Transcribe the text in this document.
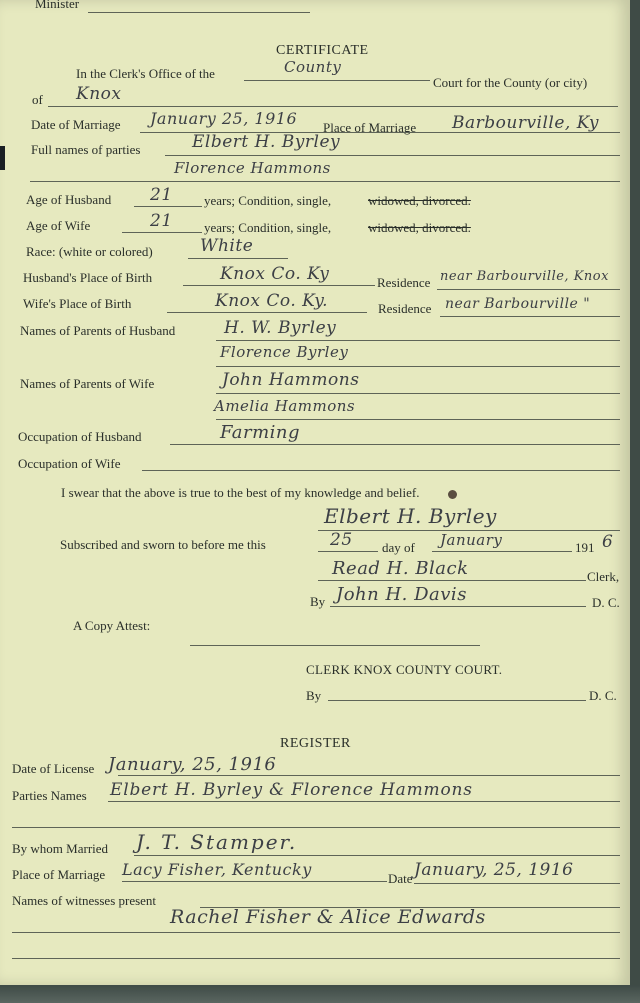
Minister
CERTIFICATE
In the Clerk's Office of the	County
Court for the County (or city)
of Knox
Date of Marriage January 25, 1916 Place of Marriage Barbourville, Ky
Full names of parties	Elbert H. Byrley
Florence Hammons
Age of Husband 21 years; Condition, single,	widowed, divorced.
Age of Wife	21 years; Condition, single,	widowed, divorced.
Race: (white or colored)	White
Husband's Place of Birth	Knox Co. Ky	Residence near Barbourville, Knox
Wife's Place of Birth	Knox Co. Ky.	Residence near Barbourville "
Names of Parents of Husband	H. W. Byrley
Florence Byrley
Names of Parents of Wife	John Hammons
Amelia Hammons
Occupation of Husband	Farming
Occupation of Wife
I swear that the above is true to the best of my knowledge and belief.
Elbert H. Byrley
Subscribed and sworn to before me this	25 day of January	191 6
Read H. Black	Clerk,
By John H. Davis	D. C.
A Copy Attest:
CLERK KNOX COUNTY COURT.
By	D. C.
REGISTER
Date of License January, 25, 1916
Parties Names Elbert H. Byrley & Florence Hammons
By whom Married J. T. Stamper.
Place of Marriage Lacy Fisher, Kentucky	Date January, 25, 1916
Names of witnesses present
Rachel Fisher & Alice Edwards
